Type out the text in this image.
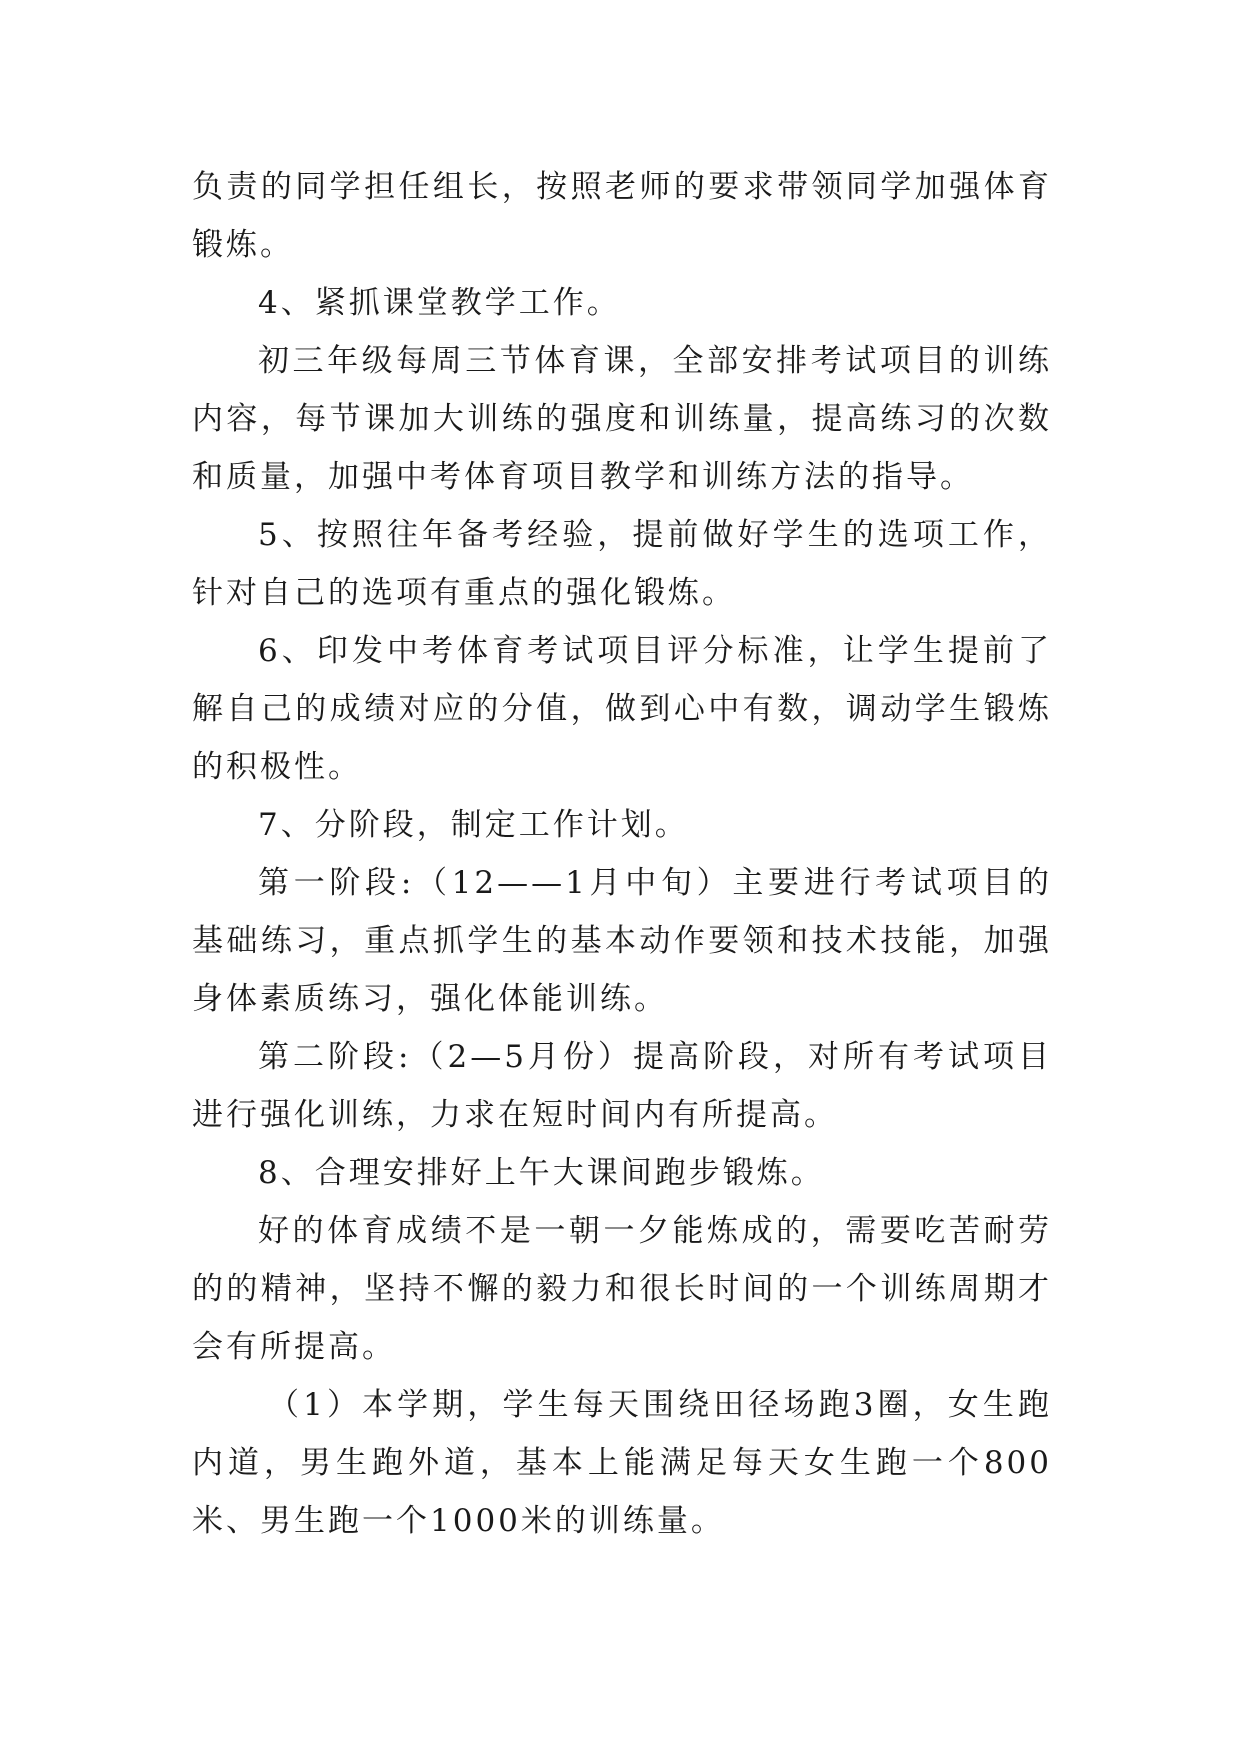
负责的同学担任组长，按照老师的要求带领同学加强体育锻炼。

4、紧抓课堂教学工作。

初三年级每周三节体育课，全部安排考试项目的训练内容，每节课加大训练的强度和训练量，提高练习的次数和质量，加强中考体育项目教学和训练方法的指导。

5、按照往年备考经验，提前做好学生的选项工作，针对自己的选项有重点的强化锻炼。

6、印发中考体育考试项目评分标准，让学生提前了解自己的成绩对应的分值，做到心中有数，调动学生锻炼的积极性。

7、分阶段，制定工作计划。

第一阶段:（12——1月中旬）主要进行考试项目的基础练习，重点抓学生的基本动作要领和技术技能，加强身体素质练习，强化体能训练。

第二阶段:（2—5月份）提高阶段，对所有考试项目进行强化训练，力求在短时间内有所提高。

8、合理安排好上午大课间跑步锻炼。

好的体育成绩不是一朝一夕能炼成的，需要吃苦耐劳的的精神，坚持不懈的毅力和很长时间的一个训练周期才会有所提高。

（1）本学期，学生每天围绕田径场跑3圈，女生跑内道，男生跑外道，基本上能满足每天女生跑一个800米、男生跑一个1000米的训练量。
